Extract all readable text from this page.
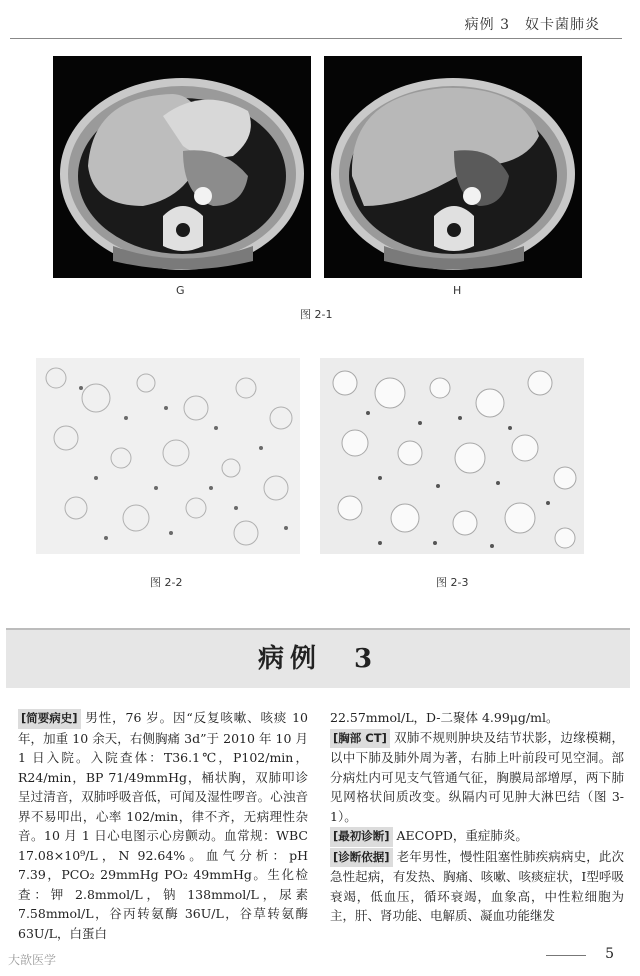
病例 3　奴卡菌肺炎
G	H
图 2-1
图 2-2	图 2-3
病例　3

[ 简要病史 ] 男性，76 岁。因“反复咳嗽、咳痰 10 年，加重 10 余天，右侧胸痛 3d”于 2010 年 10 月 1 日入院。入院查体：T36.1℃，P102/min，R24/min，BP 71/49mmHg，桶状胸，双肺叩诊呈过清音，双肺呼吸音低，可闻及湿性啰音。心浊音界不易叩出，心率 102/min，律不齐，无病理性杂音。10 月 1 日心电图示心房颤动。血常规：WBC 17.08×10⁹/L，N 92.64%。血气分析：pH 7.39，PCO₂ 29mmHg PO₂ 49mmHg。生化检查：钾 2.8mmol/L，钠 138mmol/L，尿素 7.58mmol/L，谷丙转氨酶 36U/L，谷草转氨酶 63U/L，白蛋白

22.57mmol/L，D-二聚体 4.99μg/ml。

[ 胸部 CT ] 双肺不规则肿块及结节状影，边缘模糊，以中下肺及肺外周为著，右肺上叶前段可见空洞。部分病灶内可见支气管通气征，胸膜局部增厚，两下肺见网格状间质改变。纵隔内可见肿大淋巴结（图 3-1）。

[ 最初诊断 ] AECOPD，重症肺炎。

[ 诊断依据 ] 老年男性，慢性阻塞性肺疾病病史，此次急性起病，有发热、胸痛、咳嗽、咳痰症状，Ⅰ型呼吸衰竭，低血压，循环衰竭，血象高，中性粒细胞为主，肝、肾功能、电解质、凝血功能继发

大歆医学	5
